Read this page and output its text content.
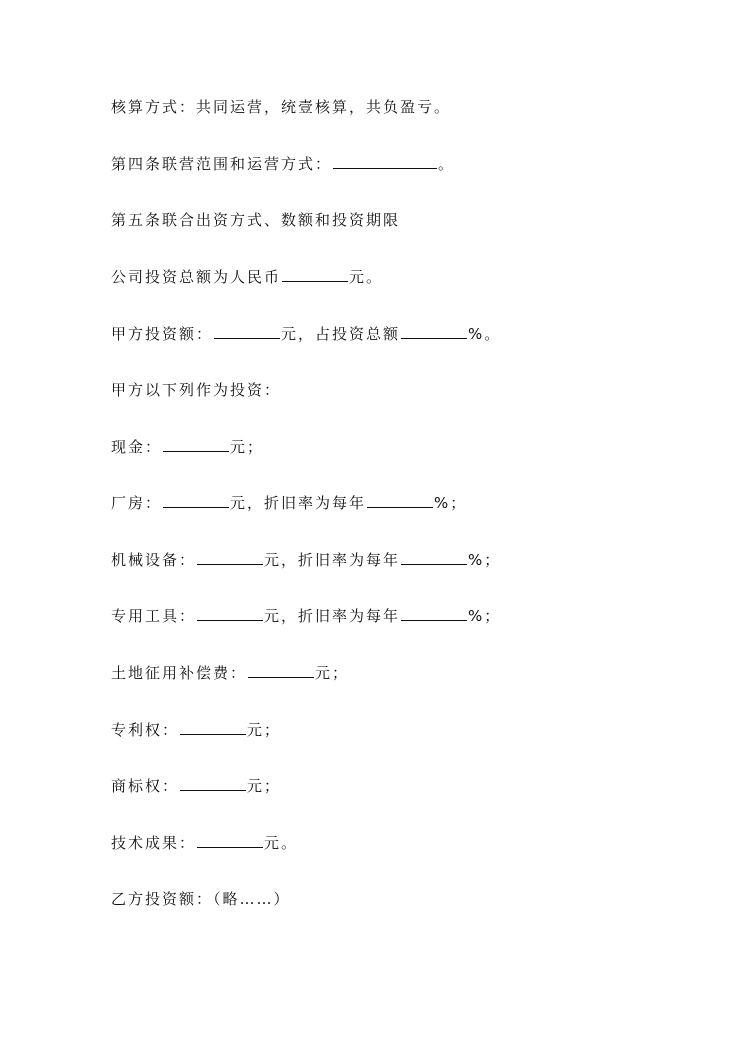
核算方式：共同运营，统壹核算，共负盈亏。
第四条联营范围和运营方式：	。
第五条联合出资方式、数额和投资期限
公司投资总额为人民币	元。
甲方投资额：	元，占投资总额	%。
甲方以下列作为投资：
现金：	元；
厂房：	元，折旧率为每年	%；
机械设备：	元，折旧率为每年	%；
专用工具：	元，折旧率为每年	%；
土地征用补偿费：	元；
专利权：	元；
商标权：	元；
技术成果：	元。
乙方投资额：（略……）
